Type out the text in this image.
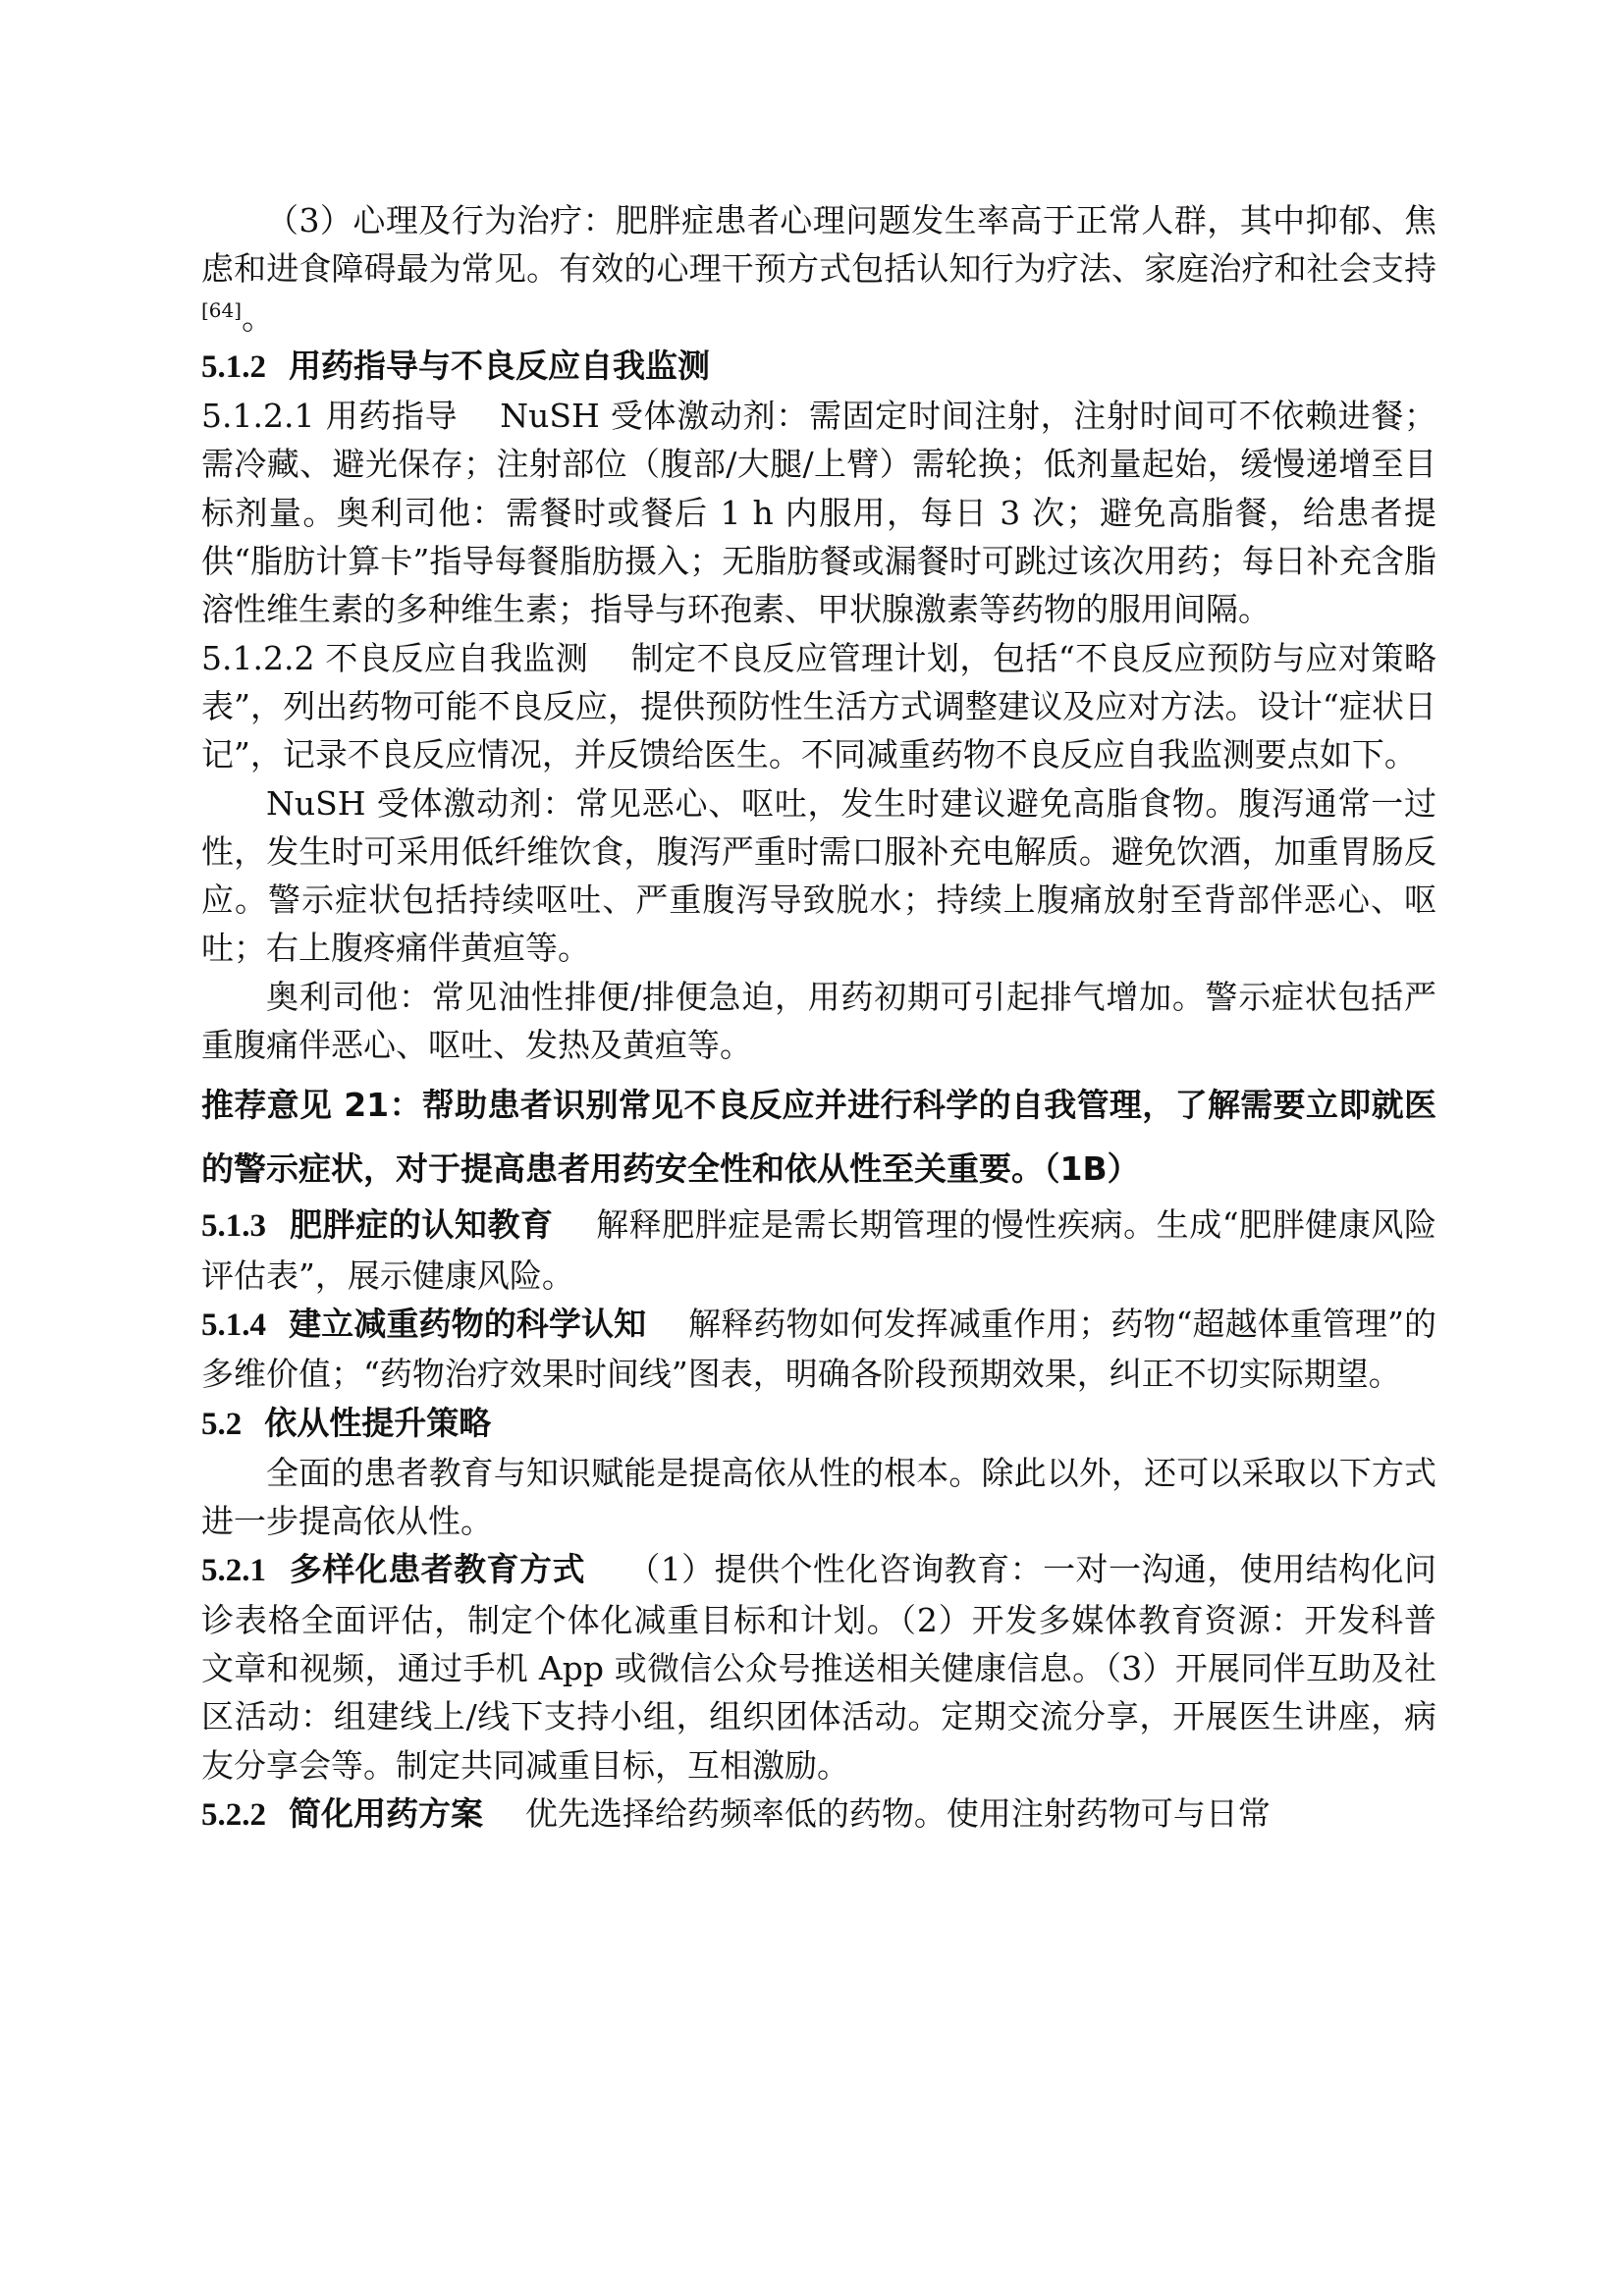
（3）心理及行为治疗：肥胖症患者心理问题发生率高于正常人群，其中抑郁、焦虑和进食障碍最为常见。有效的心理干预方式包括认知行为疗法、家庭治疗和社会支持[64]。

5.1.2 用药指导与不良反应自我监测

5.1.2.1 用药指导 NuSH 受体激动剂：需固定时间注射，注射时间可不依赖进餐；需冷藏、避光保存；注射部位（腹部/大腿/上臂）需轮换；低剂量起始，缓慢递增至目标剂量。奥利司他：需餐时或餐后 1 h 内服用，每日 3 次；避免高脂餐，给患者提供“脂肪计算卡”指导每餐脂肪摄入；无脂肪餐或漏餐时可跳过该次用药；每日补充含脂溶性维生素的多种维生素；指导与环孢素、甲状腺激素等药物的服用间隔。

5.1.2.2 不良反应自我监测 制定不良反应管理计划，包括“不良反应预防与应对策略表”，列出药物可能不良反应，提供预防性生活方式调整建议及应对方法。设计“症状日记”，记录不良反应情况，并反馈给医生。不同减重药物不良反应自我监测要点如下。

NuSH 受体激动剂：常见恶心、呕吐，发生时建议避免高脂食物。腹泻通常一过性，发生时可采用低纤维饮食，腹泻严重时需口服补充电解质。避免饮酒，加重胃肠反应。警示症状包括持续呕吐、严重腹泻导致脱水；持续上腹痛放射至背部伴恶心、呕吐；右上腹疼痛伴黄疸等。

奥利司他：常见油性排便/排便急迫，用药初期可引起排气增加。警示症状包括严重腹痛伴恶心、呕吐、发热及黄疸等。

推荐意见 21：帮助患者识别常见不良反应并进行科学的自我管理，了解需要立即就医的警示症状，对于提高患者用药安全性和依从性至关重要。（1B）

5.1.3 肥胖症的认知教育 解释肥胖症是需长期管理的慢性疾病。生成“肥胖健康风险评估表”，展示健康风险。

5.1.4 建立减重药物的科学认知 解释药物如何发挥减重作用；药物“超越体重管理”的多维价值；“药物治疗效果时间线”图表，明确各阶段预期效果，纠正不切实际期望。

5.2 依从性提升策略

全面的患者教育与知识赋能是提高依从性的根本。除此以外，还可以采取以下方式进一步提高依从性。

5.2.1 多样化患者教育方式 （1）提供个性化咨询教育：一对一沟通，使用结构化问诊表格全面评估，制定个体化减重目标和计划。（2）开发多媒体教育资源：开发科普文章和视频，通过手机 App 或微信公众号推送相关健康信息。（3）开展同伴互助及社区活动：组建线上/线下支持小组，组织团体活动。定期交流分享，开展医生讲座，病友分享会等。制定共同减重目标，互相激励。

5.2.2 简化用药方案 优先选择给药频率低的药物。使用注射药物可与日常
